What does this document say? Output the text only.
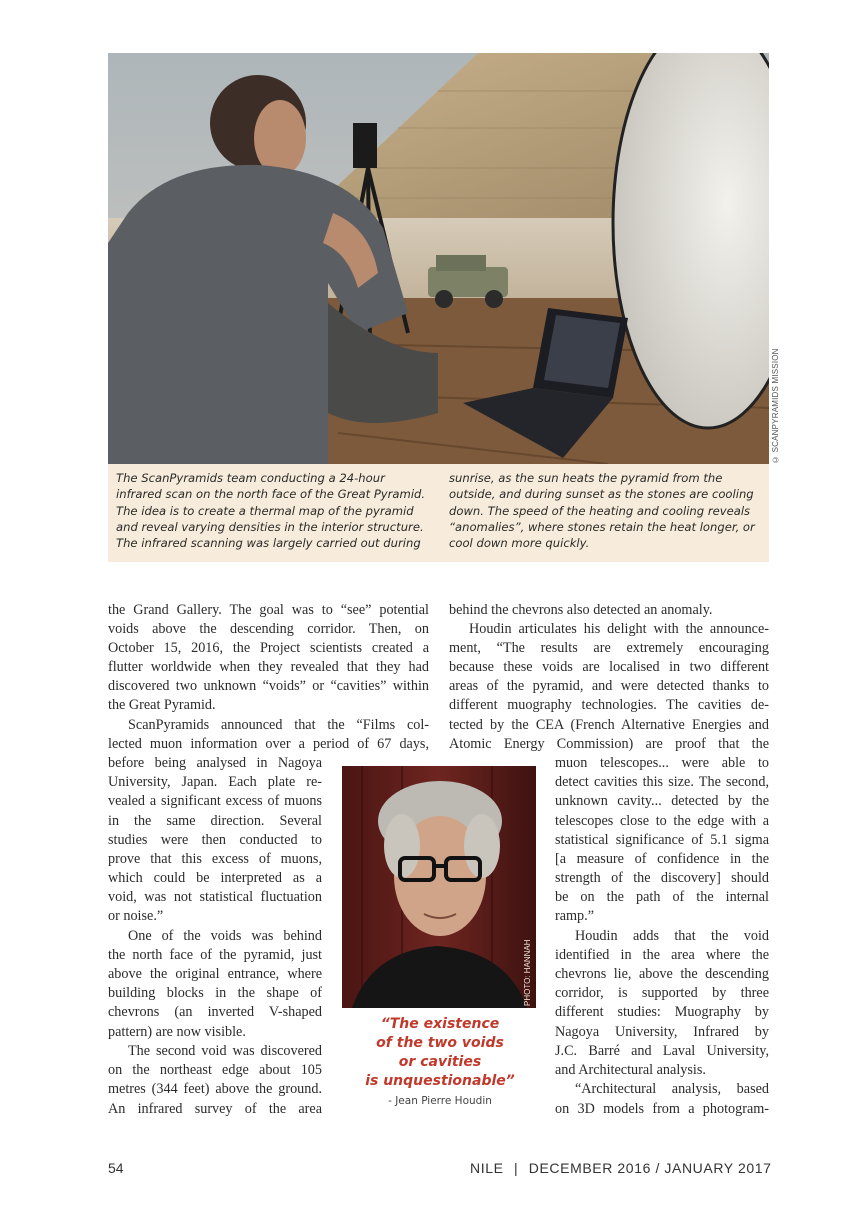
© SCANPYRAMIDS MISSION
The ScanPyramids team conducting a 24-hour
infrared scan on the north face of the Great Pyramid.
The idea is to create a thermal map of the pyramid
and reveal varying densities in the interior structure.
The infrared scanning was largely carried out during
sunrise, as the sun heats the pyramid from the
outside, and during sunset as the stones are cooling
down. The speed of the heating and cooling reveals
“anomalies”, where stones retain the heat longer, or
cool down more quickly.
the Grand Gallery. The goal was to “see” potential
voids above the descending corridor. Then, on
October 15, 2016, the Project scientists created a
flutter worldwide when they revealed that they had
discovered two unknown “voids” or “cavities” within
the Great Pyramid.
ScanPyramids announced that the “Films col-
lected muon information over a period of 67 days,
before being analysed in Nagoya
University, Japan. Each plate re-
vealed a significant excess of muons
in the same direction. Several
studies were then conducted to
prove that this excess of muons,
which could be interpreted as a
void, was not statistical fluctuation
or noise.”
One of the voids was behind
the north face of the pyramid, just
above the original entrance, where
building blocks in the shape of
chevrons (an inverted V-shaped
pattern) are now visible.
The second void was discovered
on the northeast edge about 105
metres (344 feet) above the ground.
An infrared survey of the area
behind the chevrons also detected an anomaly.
Houdin articulates his delight with the announce-
ment, “The results are extremely encouraging
because these voids are localised in two different
areas of the pyramid, and were detected thanks to
different muography technologies. The cavities de-
tected by the CEA (French Alternative Energies and
Atomic Energy Commission) are proof that the
muon telescopes... were able to
detect cavities this size. The second,
unknown cavity... detected by the
telescopes close to the edge with a
statistical significance of 5.1 sigma
[a measure of confidence in the
strength of the discovery] should
be on the path of the internal
ramp.”
Houdin adds that the void
identified in the area where the
chevrons lie, above the descending
corridor, is supported by three
different studies: Muography by
Nagoya University, Infrared by
J.C. Barré and Laval University,
and Architectural analysis.
“Architectural analysis, based
on 3D models from a photogram-
PHOTO: HANNAH
“The existence
of the two voids
or cavities
is unquestionable”
- Jean Pierre Houdin
54	NILE | DECEMBER 2016 / JANUARY 2017
